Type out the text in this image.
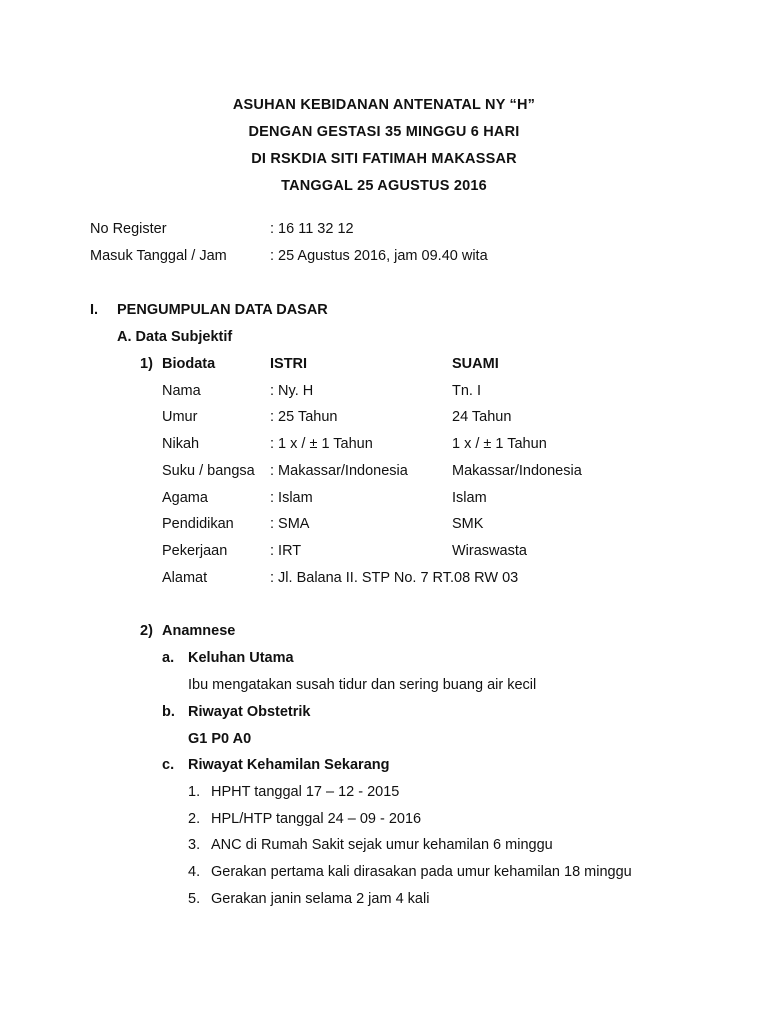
ASUHAN KEBIDANAN ANTENATAL NY “H”
DENGAN GESTASI 35 MINGGU 6 HARI
DI RSKDIA SITI FATIMAH MAKASSAR
TANGGAL 25 AGUSTUS 2016
No Register	: 16 11 32 12
Masuk Tanggal / Jam	: 25 Agustus 2016, jam 09.40 wita
I. PENGUMPULAN DATA DASAR
A. Data Subjektif
1) Biodata	ISTRI	SUAMI
Nama	: Ny. H	Tn. I
Umur	: 25 Tahun	24 Tahun
Nikah	: 1 x / ± 1 Tahun	1 x / ± 1 Tahun
Suku / bangsa : Makassar/Indonesia	Makassar/Indonesia
Agama	: Islam	Islam
Pendidikan	: SMA	SMK
Pekerjaan	: IRT	Wiraswasta
Alamat	: Jl. Balana II. STP No. 7 RT.08 RW 03
2) Anamnese
a. Keluhan Utama
Ibu mengatakan susah tidur dan sering buang air kecil
b. Riwayat Obstetrik
G1 P0 A0
c. Riwayat Kehamilan Sekarang
1. HPHT tanggal 17 – 12 - 2015
2. HPL/HTP tanggal 24 – 09 - 2016
3. ANC di Rumah Sakit sejak umur kehamilan 6 minggu
4. Gerakan pertama kali dirasakan pada umur kehamilan 18 minggu
5. Gerakan janin selama 2 jam 4 kali
